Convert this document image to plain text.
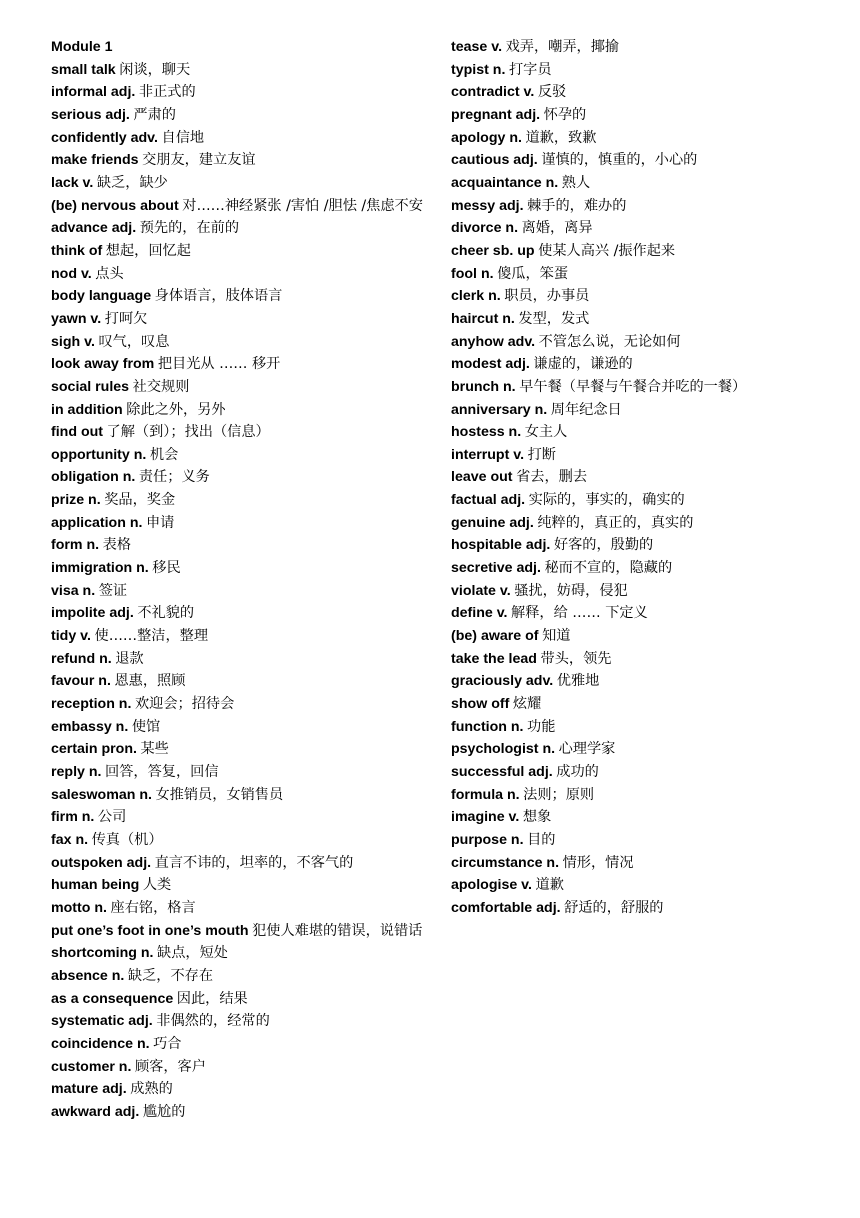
Module 1
small talk 闲谈，聊天
informal adj. 非正式的
serious adj. 严肃的
confidently adv. 自信地
make friends 交朋友，建立友谊
lack v. 缺乏，缺少
(be) nervous about 对……神经紧张 /害怕 /胆怯 /焦虑不安
advance adj. 预先的，在前的
think of 想起，回忆起
nod v. 点头
body language 身体语言，肢体语言
yawn v. 打呵欠
sigh v. 叹气，叹息
look away from 把目光从 …… 移开
social rules 社交规则
in addition 除此之外，另外
find out 了解（到）；找出（信息）
opportunity n. 机会
obligation n. 责任；义务
prize n. 奖品，奖金
application n. 申请
form n. 表格
immigration n. 移民
visa n. 签证
impolite adj. 不礼貌的
tidy v. 使……整洁，整理
refund n. 退款
favour n. 恩惠，照顾
reception n. 欢迎会；招待会
embassy n. 使馆
certain pron. 某些
reply n. 回答，答复，回信
saleswoman n. 女推销员，女销售员
firm n. 公司
fax n. 传真（机）
outspoken adj. 直言不讳的，坦率的，不客气的
human being 人类
motto n. 座右铭，格言
put one’s foot in one’s mouth 犯使人难堪的错误，说错话
shortcoming n. 缺点，短处
absence n. 缺乏，不存在
as a consequence 因此，结果
systematic adj. 非偶然的，经常的
coincidence n. 巧合
customer n. 顾客，客户
mature adj. 成熟的
awkward adj. 尴尬的
tease v. 戏弄，嘲弄，揶揄
typist n. 打字员
contradict v. 反驳
pregnant adj. 怀孕的
apology n. 道歉，致歉
cautious adj. 谨慎的，慎重的，小心的
acquaintance n. 熟人
messy adj. 棘手的，难办的
divorce n. 离婚，离异
cheer sb. up 使某人高兴 /振作起来
fool n. 傻瓜，笨蛋
clerk n. 职员，办事员
haircut n. 发型，发式
anyhow adv. 不管怎么说，无论如何
modest adj. 谦虚的，谦逊的
brunch n. 早午餐（早餐与午餐合并吃的一餐）
anniversary n. 周年纪念日
hostess n. 女主人
interrupt v. 打断
leave out 省去，删去
factual adj. 实际的，事实的，确实的
genuine adj. 纯粹的，真正的，真实的
hospitable adj. 好客的，殷勤的
secretive adj. 秘而不宣的，隐藏的
violate v. 骚扰，妨碍，侵犯
define v. 解释，给 …… 下定义
(be) aware of 知道
take the lead 带头，领先
graciously adv. 优雅地
show off 炫耀
function n. 功能
psychologist n. 心理学家
successful adj. 成功的
formula n. 法则；原则
imagine v. 想象
purpose n. 目的
circumstance n. 情形，情况
apologise v. 道歉
comfortable adj. 舒适的，舒服的
